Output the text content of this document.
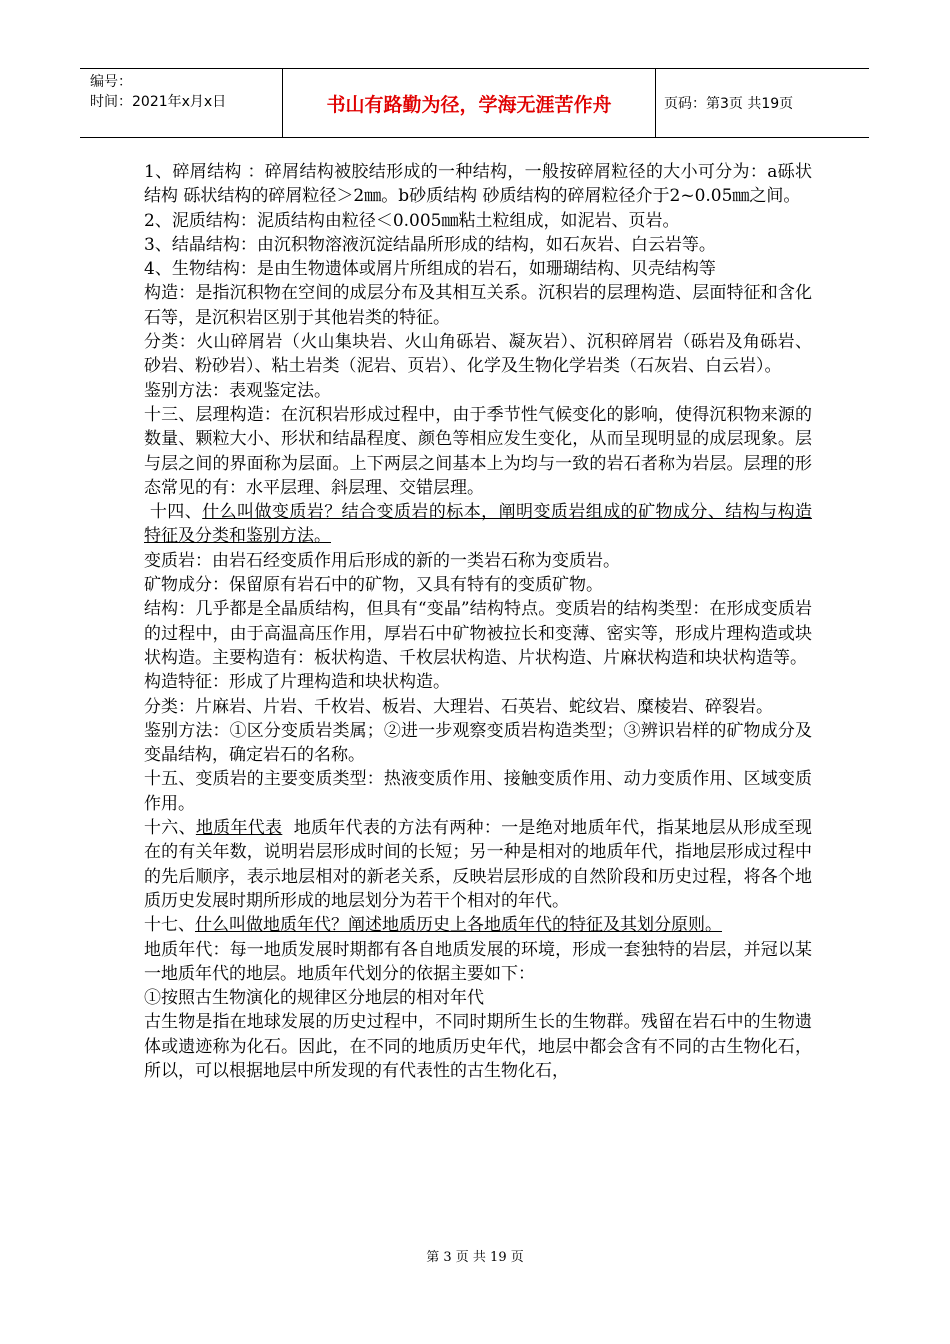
编号：
时间：2021年x月x日	书山有路勤为径，学海无涯苦作舟	页码：第3页 共19页

1、碎屑结构 ：碎屑结构被胶结形成的一种结构，一般按碎屑粒径的大小可分为：a砾状结构 砾状结构的碎屑粒径＞2㎜。b砂质结构 砂质结构的碎屑粒径介于2~0.05㎜之间。

2、泥质结构：泥质结构由粒径＜0.005㎜粘土粒组成，如泥岩、页岩。

3、结晶结构：由沉积物溶液沉淀结晶所形成的结构，如石灰岩、白云岩等。

4、生物结构：是由生物遗体或屑片所组成的岩石，如珊瑚结构、贝壳结构等

构造：是指沉积物在空间的成层分布及其相互关系。沉积岩的层理构造、层面特征和含化石等，是沉积岩区别于其他岩类的特征。

分类：火山碎屑岩（火山集块岩、火山角砾岩、凝灰岩）、沉积碎屑岩（砾岩及角砾岩、砂岩、粉砂岩）、粘土岩类（泥岩、页岩）、化学及生物化学岩类（石灰岩、白云岩）。

鉴别方法：表观鉴定法。

十三、层理构造：在沉积岩形成过程中，由于季节性气候变化的影响，使得沉积物来源的数量、颗粒大小、形状和结晶程度、颜色等相应发生变化，从而呈现明显的成层现象。层与层之间的界面称为层面。上下两层之间基本上为均与一致的岩石者称为岩层。层理的形态常见的有：水平层理、斜层理、交错层理。

十四、什么叫做变质岩？结合变质岩的标本，阐明变质岩组成的矿物成分、结构与构造特征及分类和鉴别方法。

变质岩：由岩石经变质作用后形成的新的一类岩石称为变质岩。

矿物成分：保留原有岩石中的矿物，又具有特有的变质矿物。

结构：几乎都是全晶质结构，但具有“变晶”结构特点。变质岩的结构类型：在形成变质岩的过程中，由于高温高压作用，厚岩石中矿物被拉长和变薄、密实等，形成片理构造或块状构造。主要构造有：板状构造、千枚层状构造、片状构造、片麻状构造和块状构造等。

构造特征：形成了片理构造和块状构造。

分类：片麻岩、片岩、千枚岩、板岩、大理岩、石英岩、蛇纹岩、糜棱岩、碎裂岩。

鉴别方法：①区分变质岩类属；②进一步观察变质岩构造类型；③辨识岩样的矿物成分及变晶结构，确定岩石的名称。

十五、变质岩的主要变质类型：热液变质作用、接触变质作用、动力变质作用、区域变质作用。

十六、地质年代表  地质年代表的方法有两种：一是绝对地质年代，指某地层从形成至现在的有关年数，说明岩层形成时间的长短；另一种是相对的地质年代，指地层形成过程中的先后顺序，表示地层相对的新老关系，反映岩层形成的自然阶段和历史过程，将各个地质历史发展时期所形成的地层划分为若干个相对的年代。

十七、什么叫做地质年代？阐述地质历史上各地质年代的特征及其划分原则。

地质年代：每一地质发展时期都有各自地质发展的环境，形成一套独特的岩层，并冠以某一地质年代的地层。地质年代划分的依据主要如下：

①按照古生物演化的规律区分地层的相对年代

古生物是指在地球发展的历史过程中，不同时期所生长的生物群。残留在岩石中的生物遗体或遗迹称为化石。因此，在不同的地质历史年代，地层中都会含有不同的古生物化石，所以，可以根据地层中所发现的有代表性的古生物化石，

第 3 页 共 19 页
